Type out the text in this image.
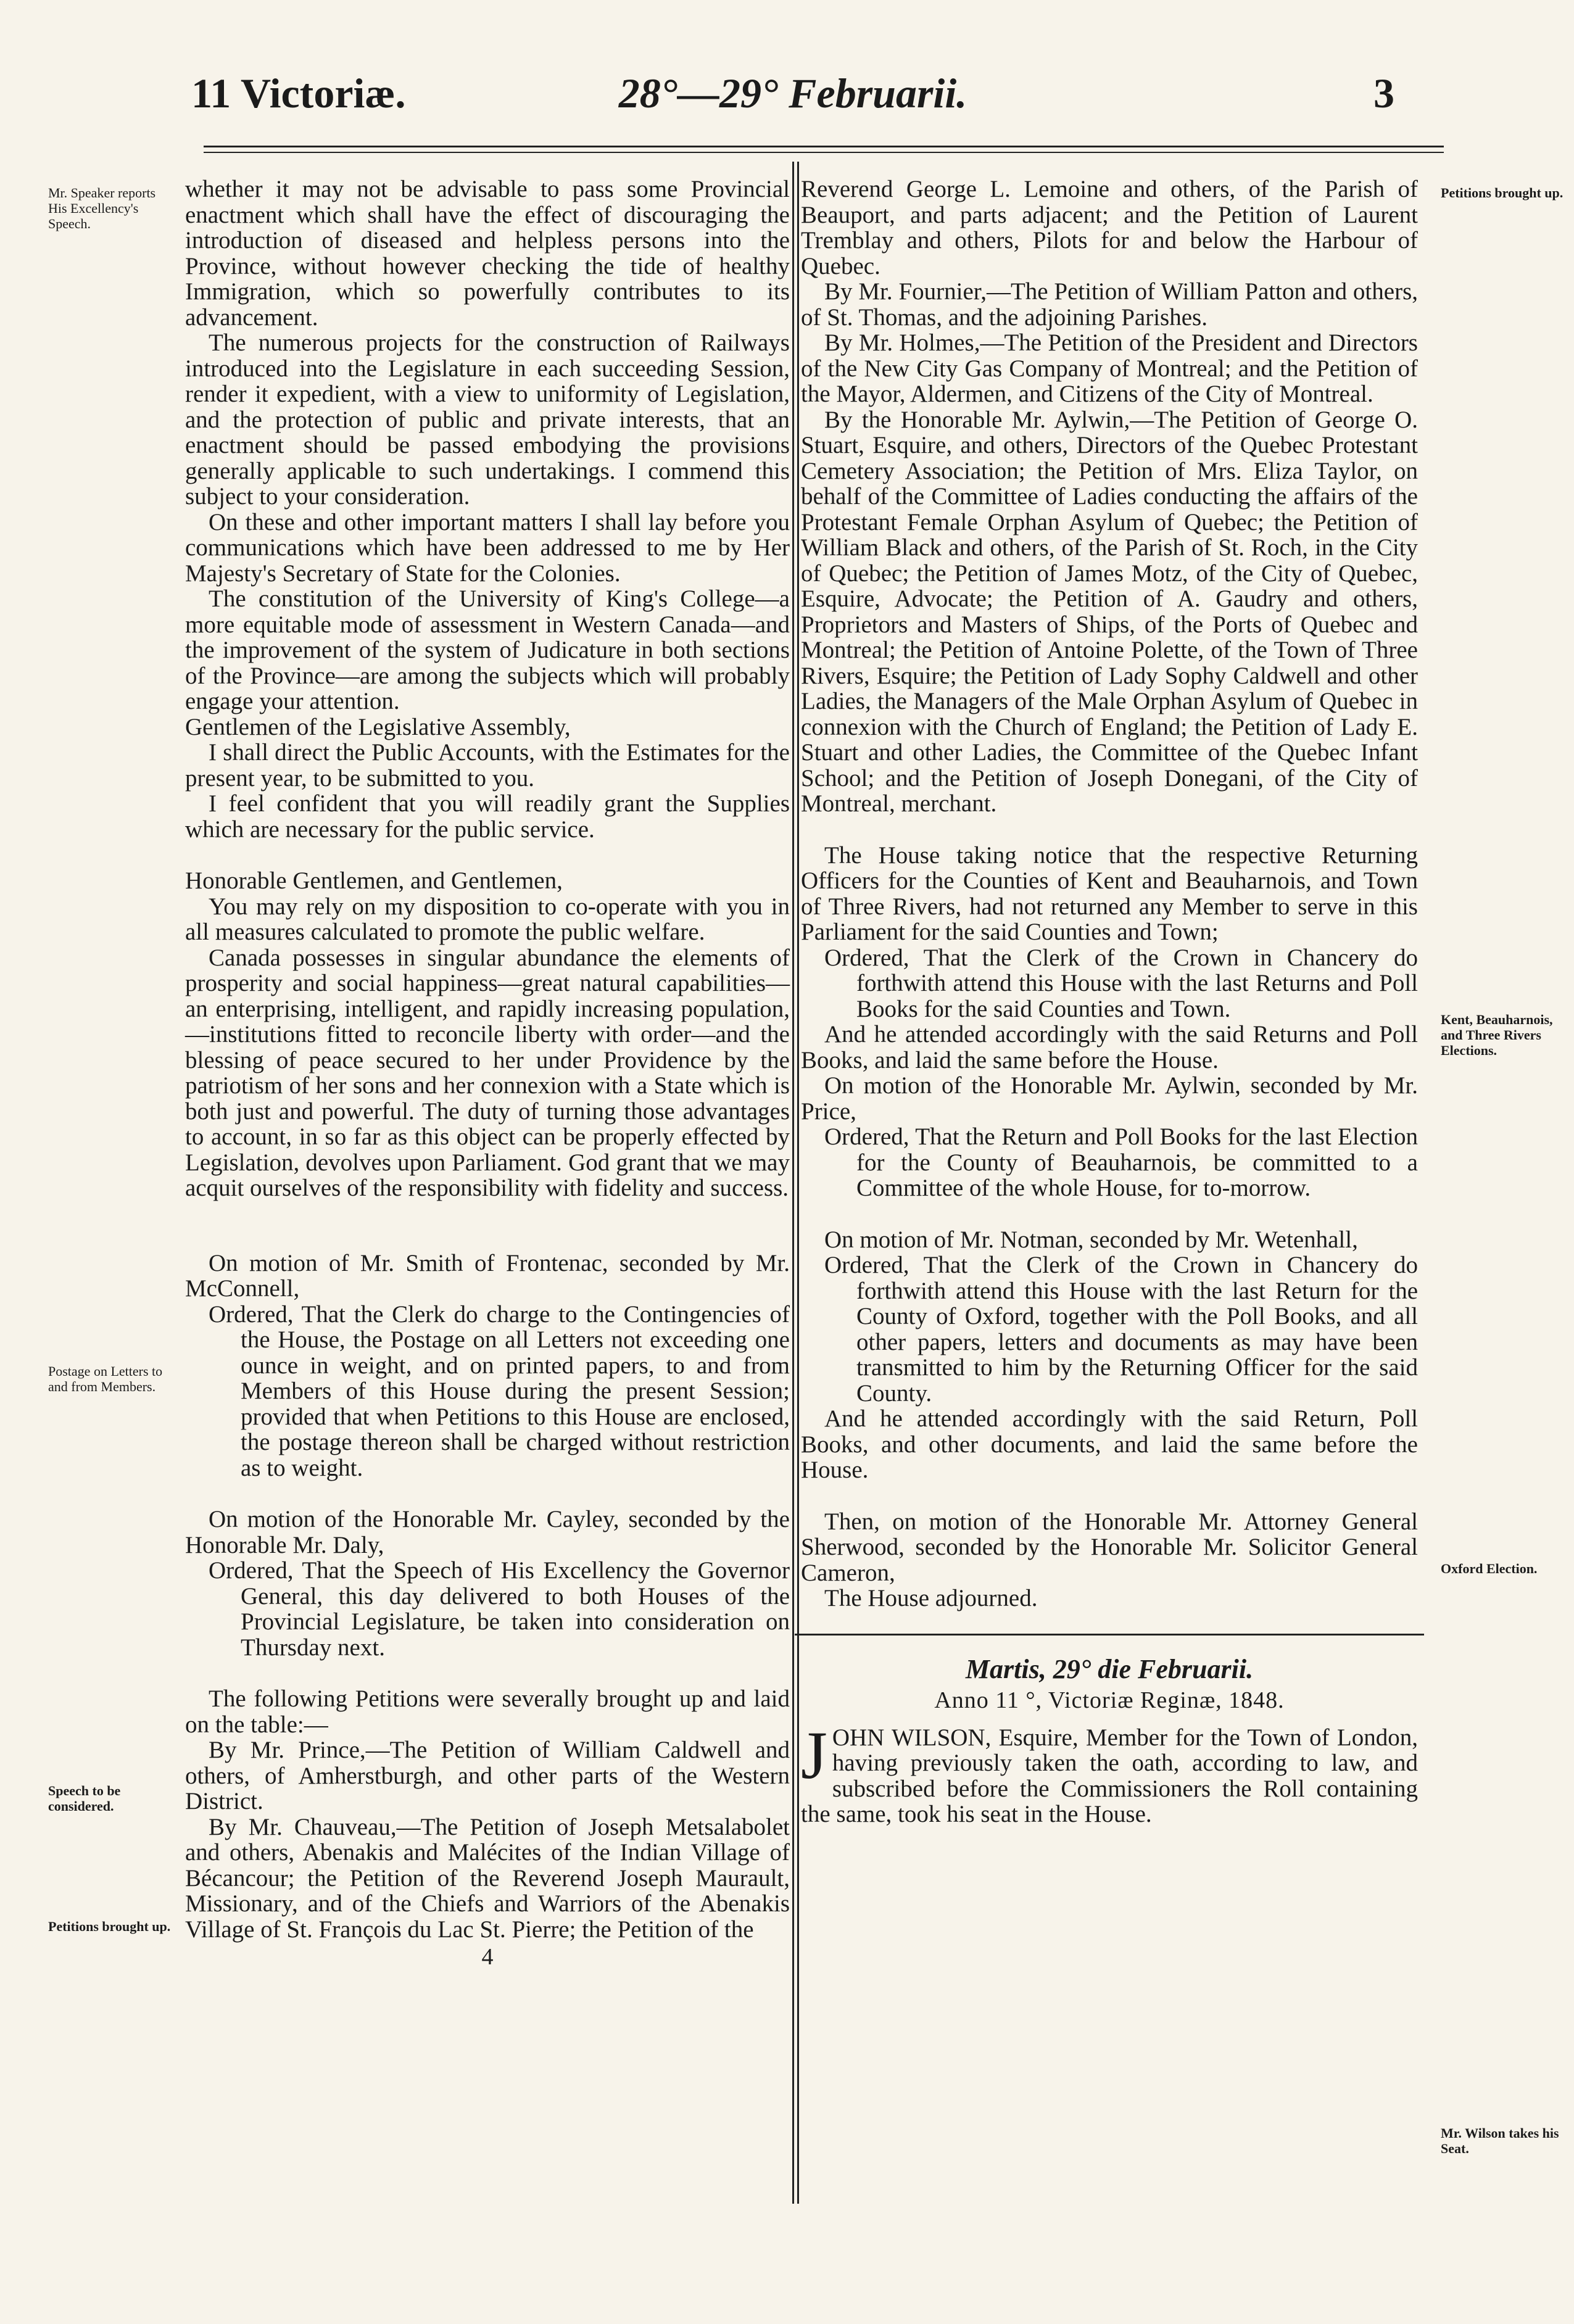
11 Victoriæ.	28°—29° Februarii.	3
Mr. Speaker reports His Excellency's Speech.
Postage on Letters to and from Members.
Speech to be considered.
Petitions brought up.
Petitions brought up.
Kent, Beauharnois, and Three Rivers Elections.
Oxford Election.
Mr. Wilson takes his Seat.

whether it may not be advisable to pass some Provincial enactment which shall have the effect of discouraging the introduction of diseased and helpless persons into the Province, without however checking the tide of healthy Immigration, which so powerfully contributes to its advancement.

The numerous projects for the construction of Railways introduced into the Legislature in each succeeding Session, render it expedient, with a view to uniformity of Legislation, and the protection of public and private interests, that an enactment should be passed embodying the provisions generally applicable to such undertakings. I commend this subject to your consideration.

On these and other important matters I shall lay before you communications which have been addressed to me by Her Majesty's Secretary of State for the Colonies.

The constitution of the University of King's College—a more equitable mode of assessment in Western Canada—and the improvement of the system of Judicature in both sections of the Province—are among the subjects which will probably engage your attention.

Gentlemen of the Legislative Assembly,

I shall direct the Public Accounts, with the Estimates for the present year, to be submitted to you.

I feel confident that you will readily grant the Supplies which are necessary for the public service.

Honorable Gentlemen, and Gentlemen,

You may rely on my disposition to co-operate with you in all measures calculated to promote the public welfare.

Canada possesses in singular abundance the elements of prosperity and social happiness—great natural capabilities—an enterprising, intelligent, and rapidly increasing population,—institutions fitted to reconcile liberty with order—and the blessing of peace secured to her under Providence by the patriotism of her sons and her connexion with a State which is both just and powerful. The duty of turning those advantages to account, in so far as this object can be properly effected by Legislation, devolves upon Parliament. God grant that we may acquit ourselves of the responsibility with fidelity and success.

On motion of Mr. Smith of Frontenac, seconded by Mr. McConnell,

Ordered, That the Clerk do charge to the Contingencies of the House, the Postage on all Letters not exceeding one ounce in weight, and on printed papers, to and from Members of this House during the present Session; provided that when Petitions to this House are enclosed, the postage thereon shall be charged without restriction as to weight.

On motion of the Honorable Mr. Cayley, seconded by the Honorable Mr. Daly,

Ordered, That the Speech of His Excellency the Governor General, this day delivered to both Houses of the Provincial Legislature, be taken into consideration on Thursday next.

The following Petitions were severally brought up and laid on the table:—

By Mr. Prince,—The Petition of William Caldwell and others, of Amherstburgh, and other parts of the Western District.

By Mr. Chauveau,—The Petition of Joseph Metsalabolet and others, Abenakis and Malécites of the Indian Village of Bécancour; the Petition of the Reverend Joseph Maurault, Missionary, and of the Chiefs and Warriors of the Abenakis Village of St. François du Lac St. Pierre; the Petition of the

4

Reverend George L. Lemoine and others, of the Parish of Beauport, and parts adjacent; and the Petition of Laurent Tremblay and others, Pilots for and below the Harbour of Quebec.

By Mr. Fournier,—The Petition of William Patton and others, of St. Thomas, and the adjoining Parishes.

By Mr. Holmes,—The Petition of the President and Directors of the New City Gas Company of Montreal; and the Petition of the Mayor, Aldermen, and Citizens of the City of Montreal.

By the Honorable Mr. Aylwin,—The Petition of George O. Stuart, Esquire, and others, Directors of the Quebec Protestant Cemetery Association; the Petition of Mrs. Eliza Taylor, on behalf of the Committee of Ladies conducting the affairs of the Protestant Female Orphan Asylum of Quebec; the Petition of William Black and others, of the Parish of St. Roch, in the City of Quebec; the Petition of James Motz, of the City of Quebec, Esquire, Advocate; the Petition of A. Gaudry and others, Proprietors and Masters of Ships, of the Ports of Quebec and Montreal; the Petition of Antoine Polette, of the Town of Three Rivers, Esquire; the Petition of Lady Sophy Caldwell and other Ladies, the Managers of the Male Orphan Asylum of Quebec in connexion with the Church of England; the Petition of Lady E. Stuart and other Ladies, the Committee of the Quebec Infant School; and the Petition of Joseph Donegani, of the City of Montreal, merchant.

The House taking notice that the respective Returning Officers for the Counties of Kent and Beauharnois, and Town of Three Rivers, had not returned any Member to serve in this Parliament for the said Counties and Town;

Ordered, That the Clerk of the Crown in Chancery do forthwith attend this House with the last Returns and Poll Books for the said Counties and Town.

And he attended accordingly with the said Returns and Poll Books, and laid the same before the House.

On motion of the Honorable Mr. Aylwin, seconded by Mr. Price,

Ordered, That the Return and Poll Books for the last Election for the County of Beauharnois, be committed to a Committee of the whole House, for to-morrow.

On motion of Mr. Notman, seconded by Mr. Wetenhall,

Ordered, That the Clerk of the Crown in Chancery do forthwith attend this House with the last Return for the County of Oxford, together with the Poll Books, and all other papers, letters and documents as may have been transmitted to him by the Returning Officer for the said County.

And he attended accordingly with the said Return, Poll Books, and other documents, and laid the same before the House.

Then, on motion of the Honorable Mr. Attorney General Sherwood, seconded by the Honorable Mr. Solicitor General Cameron,

The House adjourned.

Martis, 29° die Februarii.
Anno 11 °, Victoriæ Reginæ, 1848.

JOHN WILSON, Esquire, Member for the Town of London, having previously taken the oath, according to law, and subscribed before the Commissioners the Roll containing the same, took his seat in the House.
